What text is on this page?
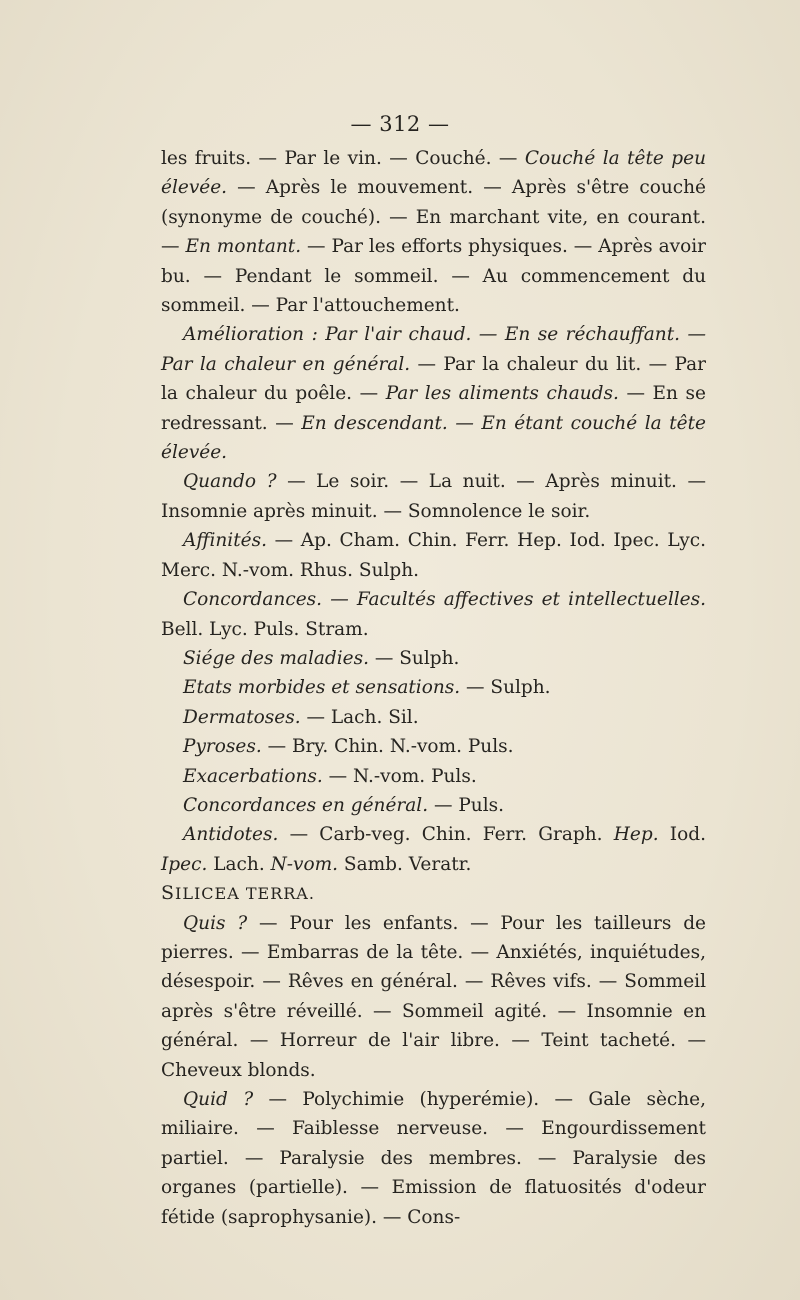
— 312 —

les fruits. — Par le vin. — Couché. — Couché la tête peu élevée. — Après le mouvement. — Après s'être couché (synonyme de couché). — En marchant vite, en courant. — En montant. — Par les efforts physiques. — Après avoir bu. — Pendant le sommeil. — Au commencement du sommeil. — Par l'attouchement.

Amélioration : Par l'air chaud. — En se réchauffant. — Par la chaleur en général. — Par la chaleur du lit. — Par la chaleur du poêle. — Par les aliments chauds. — En se redressant. — En descendant. — En étant couché la tête élevée.

Quando ? — Le soir. — La nuit. — Après minuit. — Insomnie après minuit. — Somnolence le soir.

Affinités. — Ap. Cham. Chin. Ferr. Hep. Iod. Ipec. Lyc. Merc. N.-vom. Rhus. Sulph.

Concordances. — Facultés affectives et intellectuelles. Bell. Lyc. Puls. Stram.

Siége des maladies. — Sulph.

Etats morbides et sensations. — Sulph.

Dermatoses. — Lach. Sil.

Pyroses. — Bry. Chin. N.-vom. Puls.

Exacerbations. — N.-vom. Puls.

Concordances en général. — Puls.

Antidotes. — Carb-veg. Chin. Ferr. Graph. Hep. Iod. Ipec. Lach. N-vom. Samb. Veratr.

SILICEA TERRA.

Quis ? — Pour les enfants. — Pour les tailleurs de pierres. — Embarras de la tête. — Anxiétés, inquiétudes, désespoir. — Rêves en général. — Rêves vifs. — Sommeil après s'être réveillé. — Sommeil agité. — Insomnie en général. — Horreur de l'air libre. — Teint tacheté. — Cheveux blonds.

Quid ? — Polychimie (hyperémie). — Gale sèche, miliaire. — Faiblesse nerveuse. — Engourdissement partiel. — Paralysie des membres. — Paralysie des organes (partielle). — Emission de flatuosités d'odeur fétide (saprophysanie). — Cons-
